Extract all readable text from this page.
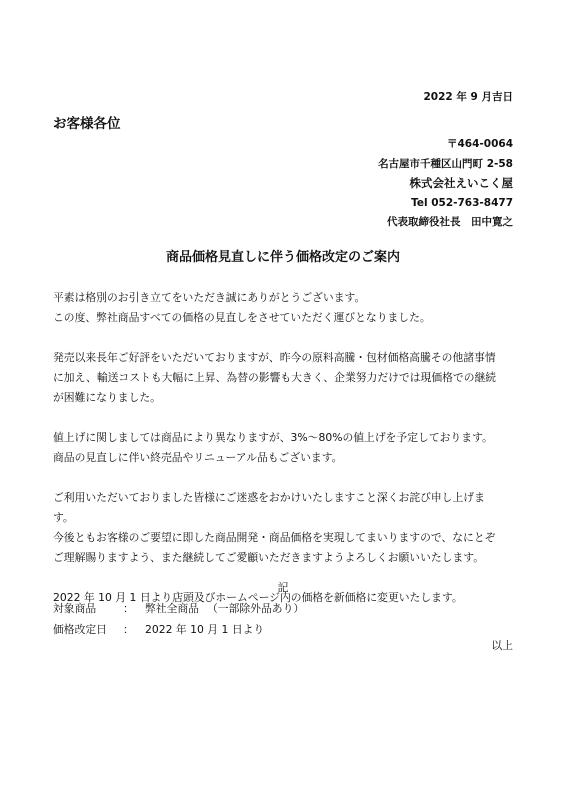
2022 年 9 月吉日
お客様各位
〒464-0064
名古屋市千種区山門町 2-58
株式会社えいこく屋
Tel 052-763-8477
代表取締役社長　田中寛之
商品価格見直しに伴う価格改定のご案内

平素は格別のお引き立てをいただき誠にありがとうございます。
この度、弊社商品すべての価格の見直しをさせていただく運びとなりました。

発売以来長年ご好評をいただいておりますが、昨今の原料高騰・包材価格高騰その他諸事情
に加え、輸送コストも大幅に上昇、為替の影響も大きく、企業努力だけでは現価格での継続
が困難になりました。

値上げに関しましては商品により異なりますが、3%～80%の値上げを予定しております。
商品の見直しに伴い終売品やリニューアル品もございます。

ご利用いただいておりました皆様にご迷惑をおかけいたしますこと深くお詫び申し上げま
す。
今後ともお客様のご要望に即した商品開発・商品価格を実現してまいりますので、なにとぞ
ご理解賜りますよう、また継続してご愛顧いただきますようよろしくお願いいたします。

2022 年 10 月 1 日より店頭及びホームページ内の価格を新価格に変更いたします。

記
対象商品 ： 弊社全商品 （一部除外品あり）
価格改定日 ： 2022 年 10 月 1 日より
以上
